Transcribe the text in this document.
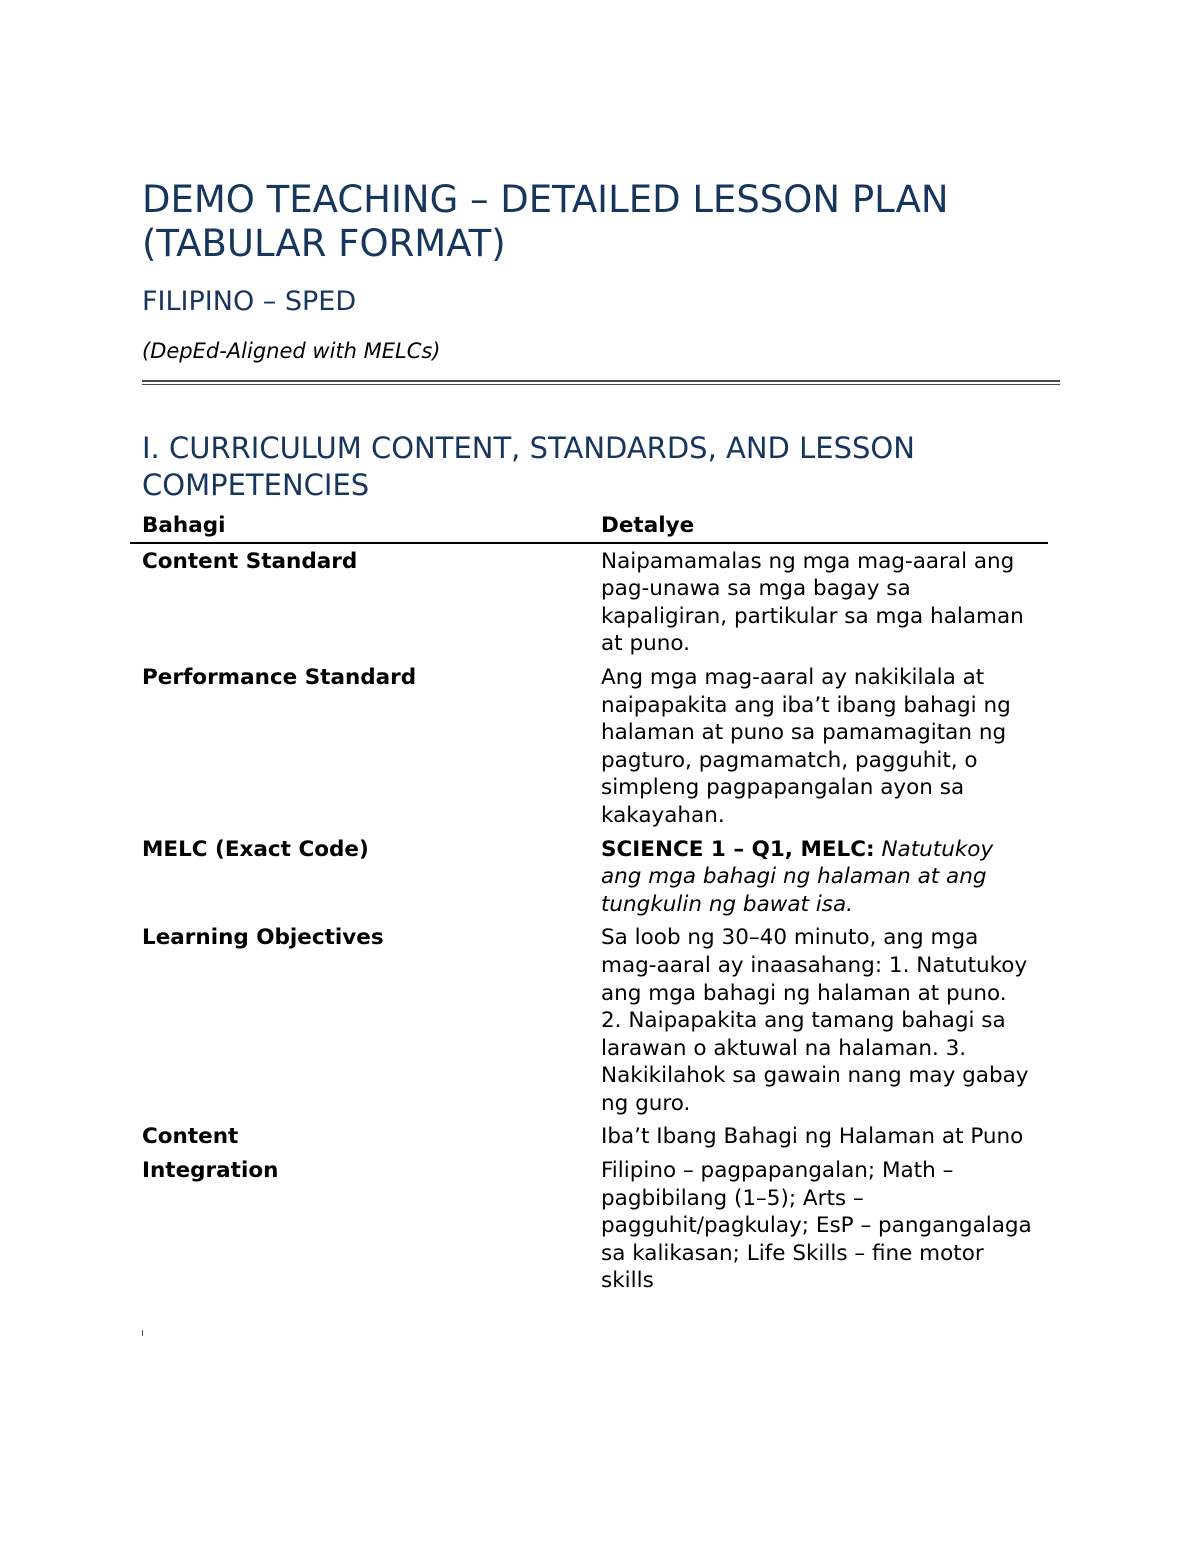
DEMO TEACHING – DETAILED LESSON PLAN (TABULAR FORMAT)
FILIPINO – SPED

(DepEd-Aligned with MELCs)

I. CURRICULUM CONTENT, STANDARDS, AND LESSON COMPETENCIES
Bahagi	Detalye
Content Standard	Naipamamalas ng mga mag-aaral ang pag-unawa sa mga bagay sa kapaligiran, partikular sa mga halaman at puno.
Performance Standard	Ang mga mag-aaral ay nakikilala at naipapakita ang iba’t ibang bahagi ng halaman at puno sa pamamagitan ng pagturo, pagmamatch, pagguhit, o simpleng pagpapangalan ayon sa kakayahan.
MELC (Exact Code)	SCIENCE 1 – Q1, MELC: Natutukoy ang mga bahagi ng halaman at ang tungkulin ng bawat isa.
Learning Objectives	Sa loob ng 30–40 minuto, ang mga mag-aaral ay inaasahang: 1. Natutukoy ang mga bahagi ng halaman at puno. 2. Naipapakita ang tamang bahagi sa larawan o aktuwal na halaman. 3. Nakikilahok sa gawain nang may gabay ng guro.
Content	Iba’t Ibang Bahagi ng Halaman at Puno
Integration	Filipino – pagpapangalan; Math – pagbibilang (1–5); Arts – pagguhit/pagkulay; EsP – pangangalaga sa kalikasan; Life Skills – fine motor skills
